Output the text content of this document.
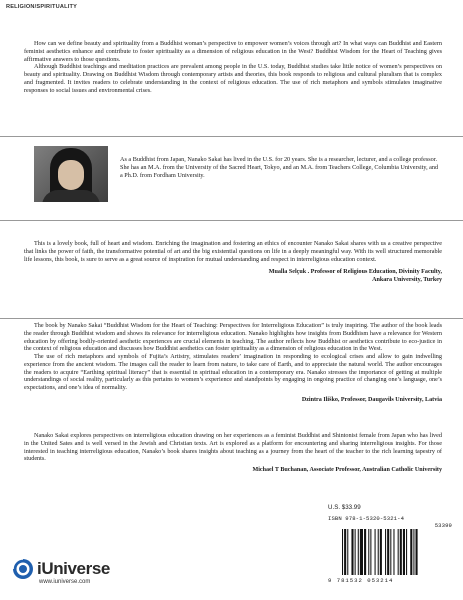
RELIGION/SPIRITUALITY

How can we define beauty and spirituality from a Buddhist woman’s perspective to empower women’s voices through art? In what ways can Buddhist and Eastern feminist aesthetics enhance and contribute to foster spirituality as a dimension of religious education in the West? Buddhist Wisdom for the Heart of Teaching gives affirmative answers to those questions.

Although Buddhist teachings and meditation practices are prevalent among people in the U.S. today, Buddhist studies take little notice of women’s perspectives on beauty and spirituality. Drawing on Buddhist Wisdom through contemporary artists and theories, this book responds to religious and cultural pluralism that is complex and fragmented. It invites readers to celebrate understanding in the context of religious education. The use of rich metaphors and symbols stimulates imaginative responses to social issues and environmental crises.

As a Buddhist from Japan, Nanako Sakai has lived in the U.S. for 20 years. She is a researcher, lecturer, and a college professor. She has an M.A. from the University of the Sacred Heart, Tokyo, and an M.A. from Teachers College, Columbia University, and a Ph.D. from Fordham University.

This is a lovely book, full of heart and wisdom. Enriching the imagination and fostering an ethics of encounter Nanako Sakai shares with us a creative perspective that links the power of faith, the transformative potential of art and the big existential questions on life in a deeply meaningful way. With its well structured memorable life lessons, this book, is sure to serve as a great source of inspiration for mutual understanding and respect in interreligious education context.

Mualla Selçuk . Professor of Religious Education, Divinity Faculty,
Ankara University, Turkey

The book by Nanako Sakai “Buddhist Wisdom for the Heart of Teaching: Perspectives for Interreligious Education” is truly inspiring. The author of the book leads the reader through Buddhist wisdom and shows its relevance for interreligious education. Nanako highlights how insights from Buddhism have a relevance for Western education by offering bodily-oriented aesthetic experiences are crucial elements in teaching. The author reflects how Buddhist or aesthetics contribute to eco-justice in the context of religious education and discusses how Buddhist aesthetics can foster spirituality as a dimension of religious education in the West.

The use of rich metaphors and symbols of Fujita’s Artistry, stimulates readers’ imagination in responding to ecological crises and allow to gain indwelling experience from the ancient wisdom. The images call the reader to learn from nature, to take care of Earth, and to appreciate the natural world. The author encourages the readers to acquire “Earthing spiritual literacy” that is essential in spiritual education in a contemporary era. Nanako stresses the importance of getting at multiple understandings of social reality, particularly as this pertains to women’s experience and standpoints by engaging in ongoing practice of changing one’s language, one’s expectations, and one’s idea of normality.

Dzintra Iliško, Professor, Daugavils University, Latvia

Nanako Sakai explores perspectives on interreligious education drawing on her experiences as a feminist Buddhist and Shintonist female from Japan who has lived in the United Sates and is well versed in the Jewish and Christian texts. Art is explored as a platform for encountering and sharing interreligious insights. For those interested in teaching interreligious education, Nanako’s book shares insights about teaching as a journey from the heart of the teacher to the rich learning tapestry of students.

Michael T Buchanan, Associate Professor, Australian Catholic University
U.S. $33.99
ISBN 978-1-5320-5321-4
53399
9 781532 053214
iUniverse
www.iuniverse.com
